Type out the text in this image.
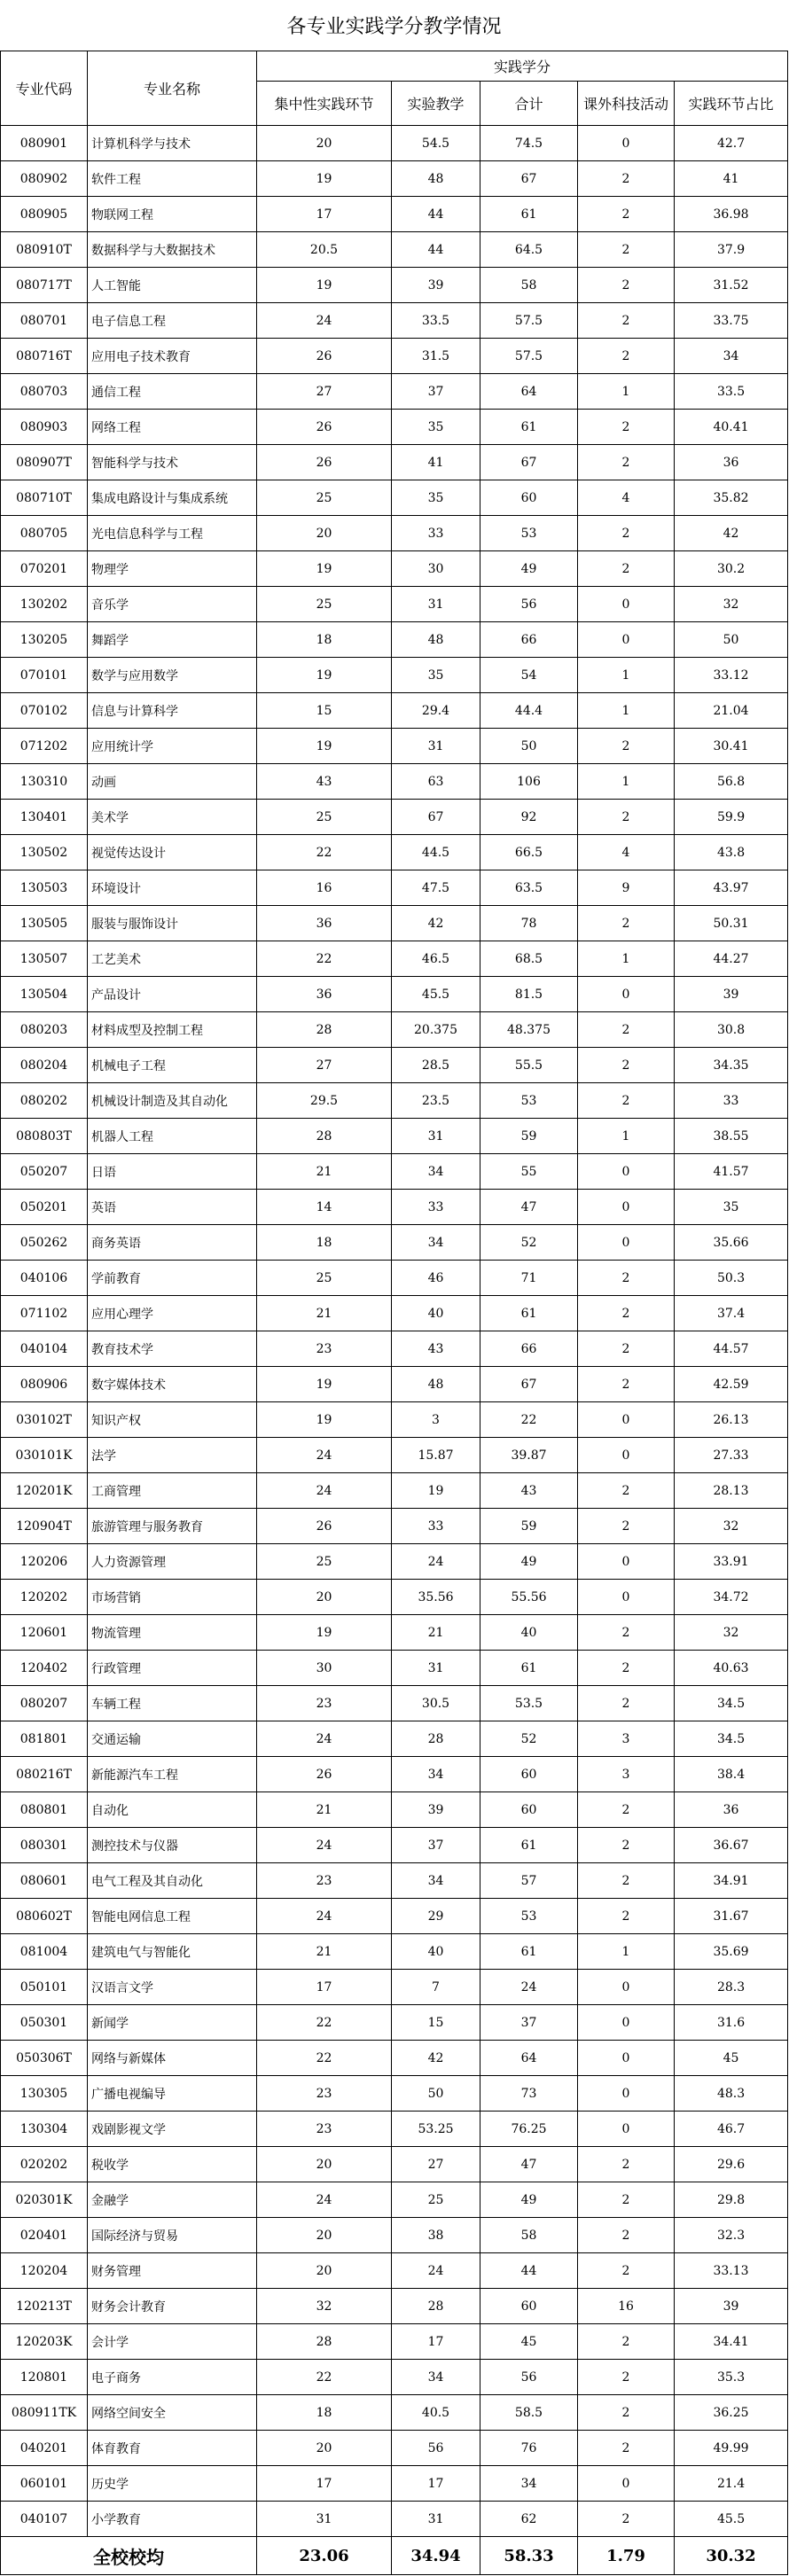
各专业实践学分教学情况						
专业代码	专业名称	实践学分				
		集中性实践环节	实验教学	合计	课外科技活动	实践环节占比
080901	计算机科学与技术	20	54.5	74.5	0	42.7
080902	软件工程	19	48	67	2	41
080905	物联网工程	17	44	61	2	36.98
080910T	数据科学与大数据技术	20.5	44	64.5	2	37.9
080717T	人工智能	19	39	58	2	31.52
080701	电子信息工程	24	33.5	57.5	2	33.75
080716T	应用电子技术教育	26	31.5	57.5	2	34
080703	通信工程	27	37	64	1	33.5
080903	网络工程	26	35	61	2	40.41
080907T	智能科学与技术	26	41	67	2	36
080710T	集成电路设计与集成系统	25	35	60	4	35.82
080705	光电信息科学与工程	20	33	53	2	42
070201	物理学	19	30	49	2	30.2
130202	音乐学	25	31	56	0	32
130205	舞蹈学	18	48	66	0	50
070101	数学与应用数学	19	35	54	1	33.12
070102	信息与计算科学	15	29.4	44.4	1	21.04
071202	应用统计学	19	31	50	2	30.41
130310	动画	43	63	106	1	56.8
130401	美术学	25	67	92	2	59.9
130502	视觉传达设计	22	44.5	66.5	4	43.8
130503	环境设计	16	47.5	63.5	9	43.97
130505	服装与服饰设计	36	42	78	2	50.31
130507	工艺美术	22	46.5	68.5	1	44.27
130504	产品设计	36	45.5	81.5	0	39
080203	材料成型及控制工程	28	20.375	48.375	2	30.8
080204	机械电子工程	27	28.5	55.5	2	34.35
080202	机械设计制造及其自动化	29.5	23.5	53	2	33
080803T	机器人工程	28	31	59	1	38.55
050207	日语	21	34	55	0	41.57
050201	英语	14	33	47	0	35
050262	商务英语	18	34	52	0	35.66
040106	学前教育	25	46	71	2	50.3
071102	应用心理学	21	40	61	2	37.4
040104	教育技术学	23	43	66	2	44.57
080906	数字媒体技术	19	48	67	2	42.59
030102T	知识产权	19	3	22	0	26.13
030101K	法学	24	15.87	39.87	0	27.33
120201K	工商管理	24	19	43	2	28.13
120904T	旅游管理与服务教育	26	33	59	2	32
120206	人力资源管理	25	24	49	0	33.91
120202	市场营销	20	35.56	55.56	0	34.72
120601	物流管理	19	21	40	2	32
120402	行政管理	30	31	61	2	40.63
080207	车辆工程	23	30.5	53.5	2	34.5
081801	交通运输	24	28	52	3	34.5
080216T	新能源汽车工程	26	34	60	3	38.4
080801	自动化	21	39	60	2	36
080301	测控技术与仪器	24	37	61	2	36.67
080601	电气工程及其自动化	23	34	57	2	34.91
080602T	智能电网信息工程	24	29	53	2	31.67
081004	建筑电气与智能化	21	40	61	1	35.69
050101	汉语言文学	17	7	24	0	28.3
050301	新闻学	22	15	37	0	31.6
050306T	网络与新媒体	22	42	64	0	45
130305	广播电视编导	23	50	73	0	48.3
130304	戏剧影视文学	23	53.25	76.25	0	46.7
020202	税收学	20	27	47	2	29.6
020301K	金融学	24	25	49	2	29.8
020401	国际经济与贸易	20	38	58	2	32.3
120204	财务管理	20	24	44	2	33.13
120213T	财务会计教育	32	28	60	16	39
120203K	会计学	28	17	45	2	34.41
120801	电子商务	22	34	56	2	35.3
080911TK	网络空间安全	18	40.5	58.5	2	36.25
040201	体育教育	20	56	76	2	49.99
060101	历史学	17	17	34	0	21.4
040107	小学教育	31	31	62	2	45.5
全校校均		23.06	34.94	58.33	1.79	30.32
